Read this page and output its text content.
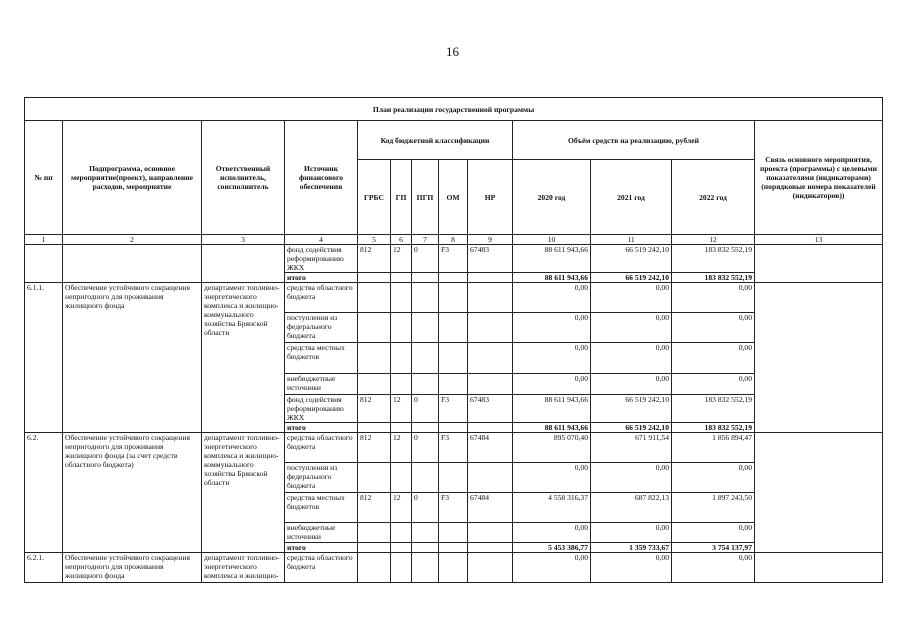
16
План реализации государственной программы												
№ пп	Подпрограмма, основное мероприятие(проект), направление расходов, мероприятие	Ответственный исполнитель, соисполнитель	Источник финансового обеспечения	Код бюджетной классификации					Объём средств на реализацию, рублей			Связь основного мероприятия, проекта (программы) с целевыми показателями (индикаторами) (порядковые номера показателей (индикаторов))
				ГРБС	ГП	ПГП	ОМ	НР	2020 год	2021 год	2022 год	
1	2	3	4	5	6	7	8	9	10	11	12	13
			фонд содействия реформированию ЖКХ	812	12	0	F3	67483	88 611 943,66	66 519 242,10	183 832 552,19	
			итого						88 611 943,66	66 519 242,10	183 832 552,19	
6.1.1.	Обеспечение устойчивого сокращения непригодного для проживания жилищного фонда	департамент топливно-энергетического комплекса и жилищно-коммунального хозяйства Брянской области	средства областного бюджета						0,00	0,00	0,00	
			поступления из федерального бюджета						0,00	0,00	0,00	
			средства местных бюджетов						0,00	0,00	0,00	
			внебюджетные источники						0,00	0,00	0,00	
			фонд содействия реформированию ЖКХ	812	12	0	F3	67483	88 611 943,66	66 519 242,10	183 832 552,19	
			итого						88 611 943,66	66 519 242,10	183 832 552,19	
6.2.	Обеспечение устойчивого сокращения непригодного для проживания жилищного фонда (за счет средств областного бюджета)	департамент топливно-энергетического комплекса и жилищно-коммунального хозяйства Брянской области	средства областного бюджета	812	12	0	F3	67484	895 070,40	671 911,54	1 856 894,47	
			поступления из федерального бюджета						0,00	0,00	0,00	
			средства местных бюджетов	812	12	0	F3	67484	4 558 316,37	687 822,13	1 897 243,50	
			внебюджетные источники						0,00	0,00	0,00	
			итого						5 453 386,77	1 359 733,67	3 754 137,97	
6.2.1.	Обеспечение устойчивого сокращения непригодного для проживания жилищного фонда	департамент топливно-энергетического комплекса и жилищно-	средства областного бюджета						0,00	0,00	0,00	
